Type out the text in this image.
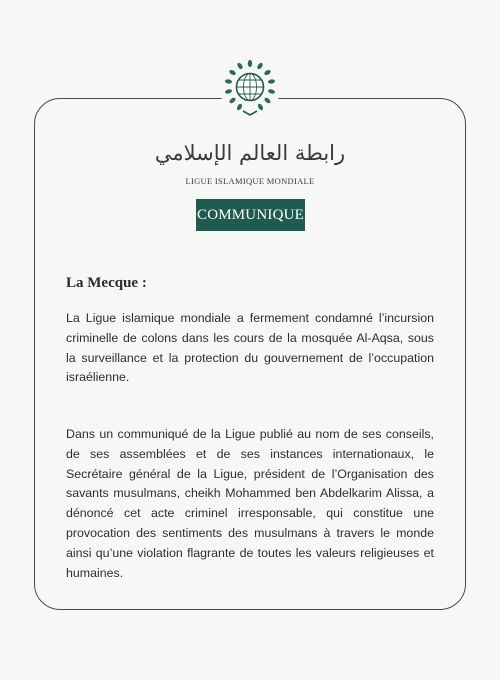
رابطة العالم الإسلامي
LIGUE ISLAMIQUE MONDIALE
COMMUNIQUE
La Mecque :

La Ligue islamique mondiale a fermement condamné l’incursion criminelle de colons dans les cours de la mosquée Al-Aqsa, sous la surveillance et la protection du gouvernement de l’occupation israélienne.

Dans un communiqué de la Ligue publié au nom de ses conseils, de ses assemblées et de ses instances internationaux, le Secrétaire général de la Ligue, président de l’Organisation des savants musulmans, cheikh Mohammed ben Abdelkarim Alissa, a dénoncé cet acte criminel irresponsable, qui constitue une provocation des sentiments des musulmans à travers le monde ainsi qu’une violation flagrante de toutes les valeurs religieuses et humaines.
